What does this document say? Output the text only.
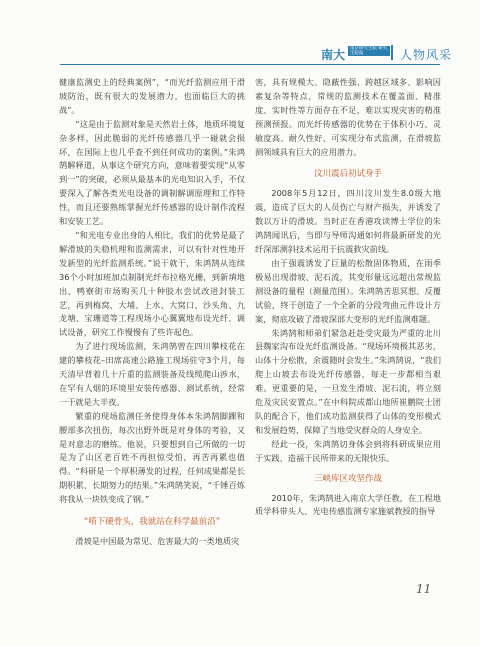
南大	南京研究生院 研究生院报	人物风采

健康监测史上的经典案例”，“而光纤监测应用于滑坡防治，既有很大的发展潜力，也面临巨大的挑战”。

“这是由于监测对象是天然岩土体，地质环境复杂多样，因此脆弱的光纤传感器几乎一碰就会损坏，在国际上也几乎查不到任何成功的案例。”朱鸿鹄解释道，从事这个研究方向，意味着要实现“从零到一”的突破，必须从最基本的光电知识入手，不仅要深入了解各类光电设备的调制解调原理和工作特性，而且还要熟练掌握光纤传感器的设计制作流程和安装工艺。

“和光电专业出身的人相比，我们的优势是最了解滑坡的失稳机理和监测需求，可以有针对性地开发新型的光纤监测系统。”说干就干，朱鸿鹄从连续36个小时加班加点制制光纤布拉格光栅，到新填地出、鸭寮街市场购买几十种胶水尝试改进封装工艺，再到梅窝、大埔、上水、大窝口、沙头角、九龙塘、宝珊道等工程现场小心翼翼地布设光纤、调试设备，研究工作慢慢有了些许起色。

为了进行现场监测，朱鸿鹄曾在四川攀枝花在建的攀枝花–田席高速公路施工现场驻守3个月，每天清早背着几十斤重的监测装备及线缆爬山涉水，在罕有人烟的环境里安装传感器、测试系统，经常一干就是大半夜。

繁重的现场监测任务使得身体本朱鸿鹄脚踝和腰部多次扭伤，每次出野外既是对身体的考验，又是对意志的磨练。他说，只要想到自己所做的一切是为了山区老百姓不再担惊受怕，再苦再累也值得。“科研是一个厚积薄发的过程，任何成果都是长期积累、长期努力的结果。”朱鸿鹄笑说，“千锤百炼将我从一块铁变成了钢。”

“啃下硬骨头，我就站在科学最前沿”

滑坡是中国最为常见、危害最大的一类地质灾

害，具有规模大、隐蔽性强、跨越区域多、影响因素复杂等特点，常规的监测技术在覆盖面、精准度、实时性等方面存在不足，难以实现灾害的精准预测预报。而光纤传感器的优势在于体积小巧、灵敏度高、耐久性好、可实现分布式监测，在滑坡监测领域具有巨大的应用潜力。

汶川震后初试身手

2008年5月12日，四川汶川发生8.0级大地震，造成了巨大的人员伤亡与财产损失，并诱发了数以万计的滑坡。当时正在香港攻读博士学位的朱鸿鹄闻讯后，当即与导师沟通如何将最新研发的光纤深部测斜技术运用于抗震救灾前线。

由于强震诱发了巨量的松散固体物质，在雨季极易出现滑坡、泥石流，其变形量远远超出常规监测设备的量程（测量范围）。朱鸿鹄苦思冥想、反覆试验，终于创造了一个全新的分段弯曲元件设计方案，彻底攻破了滑坡深部大变形的光纤监测难题。

朱鸿鹄和师弟们紧急赶赴受灾最为严重的北川县魏家沟布设光纤监测设备。“现场环境极其恶劣，山体十分松散，余震随时会发生。”朱鸿鹄说，“我们爬上山坡去布设光纤传感器，每走一步都相当艰难。更重要的是，一旦发生滑坡、泥石流，将立刻危及灾民安置点。”在中科院成都山地所崔鹏院士团队的配合下，他们成功监测获得了山体的变形模式和发展趋势，保障了当地受灾群众的人身安全。

经此一役，朱鸿鹄切身体会到将科研成果应用于实践、造福于民所带来的无限快乐。

三峡库区攻坚作战

2010年，朱鸿鹄进入南京大学任教，在工程地质学科带头人、光电传感监测专家施斌教授的指导

11
